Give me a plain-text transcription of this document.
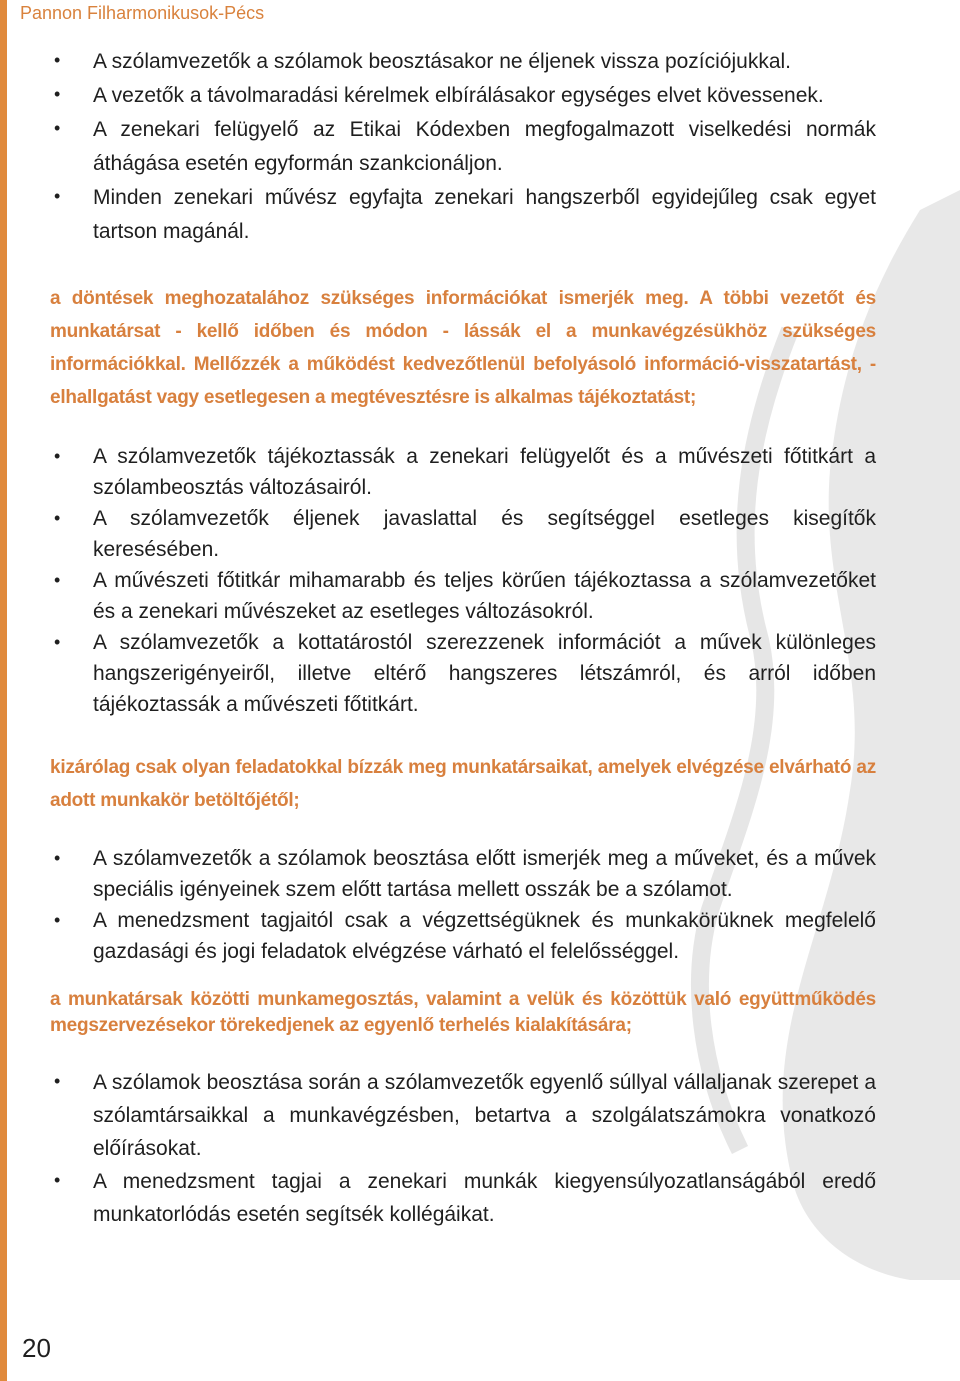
Pannon Filharmonikusok-Pécs
• A szólamvezetők a szólamok beosztásakor ne éljenek vissza pozíciójukkal.
• A vezetők a távolmaradási kérelmek elbírálásakor egységes elvet kövessenek.
• A zenekari felügyelő az Etikai Kódexben megfogalmazott viselkedési normák áthágása esetén egyformán szankcionáljon.
• Minden zenekari művész egyfajta zenekari hangszerből egyidejűleg csak egyet tartson magánál.

a döntések meghozatalához szükséges információkat ismerjék meg. A többi vezetőt és munkatársat - kellő időben és módon - lássák el a munkavégzésükhöz szükséges információkkal. Mellőzzék a működést kedvezőtlenül befolyásoló információ-visszatartást, - elhallgatást vagy esetlegesen a megtévesztésre is alkalmas tájékoztatást;

• A szólamvezetők tájékoztassák a zenekari felügyelőt és a művészeti főtitkárt a szólambeosztás változásairól.
• A szólamvezetők éljenek javaslattal és segítséggel esetleges kisegítők keresésében.
• A művészeti főtitkár mihamarabb és teljes körűen tájékoztassa a szólamvezetőket és a zenekari művészeket az esetleges változásokról.
• A szólamvezetők a kottatárostól szerezzenek információt a művek különleges hangszerigényeiről, illetve eltérő hangszeres létszámról, és arról időben tájékoztassák a művészeti főtitkárt.

kizárólag csak olyan feladatokkal bízzák meg munkatársaikat, amelyek elvégzése elvárható az adott munkakör betöltőjétől;

• A szólamvezetők a szólamok beosztása előtt ismerjék meg a műveket, és a művek speciális igényeinek szem előtt tartása mellett osszák be a szólamot.
• A menedzsment tagjaitól csak a végzettségüknek és munkakörüknek megfelelő gazdasági és jogi feladatok elvégzése várható el felelősséggel.

a munkatársak közötti munkamegosztás, valamint a velük és közöttük való együttműködés megszervezésekor törekedjenek az egyenlő terhelés kialakítására;

• A szólamok beosztása során a szólamvezetők egyenlő súllyal vállaljanak szerepet a szólamtársaikkal a munkavégzésben, betartva a szolgálatszámokra vonatkozó előírásokat.
• A menedzsment tagjai a zenekari munkák kiegyensúlyozatlanságából eredő munkatorlódás esetén segítsék kollégáikat.
20
